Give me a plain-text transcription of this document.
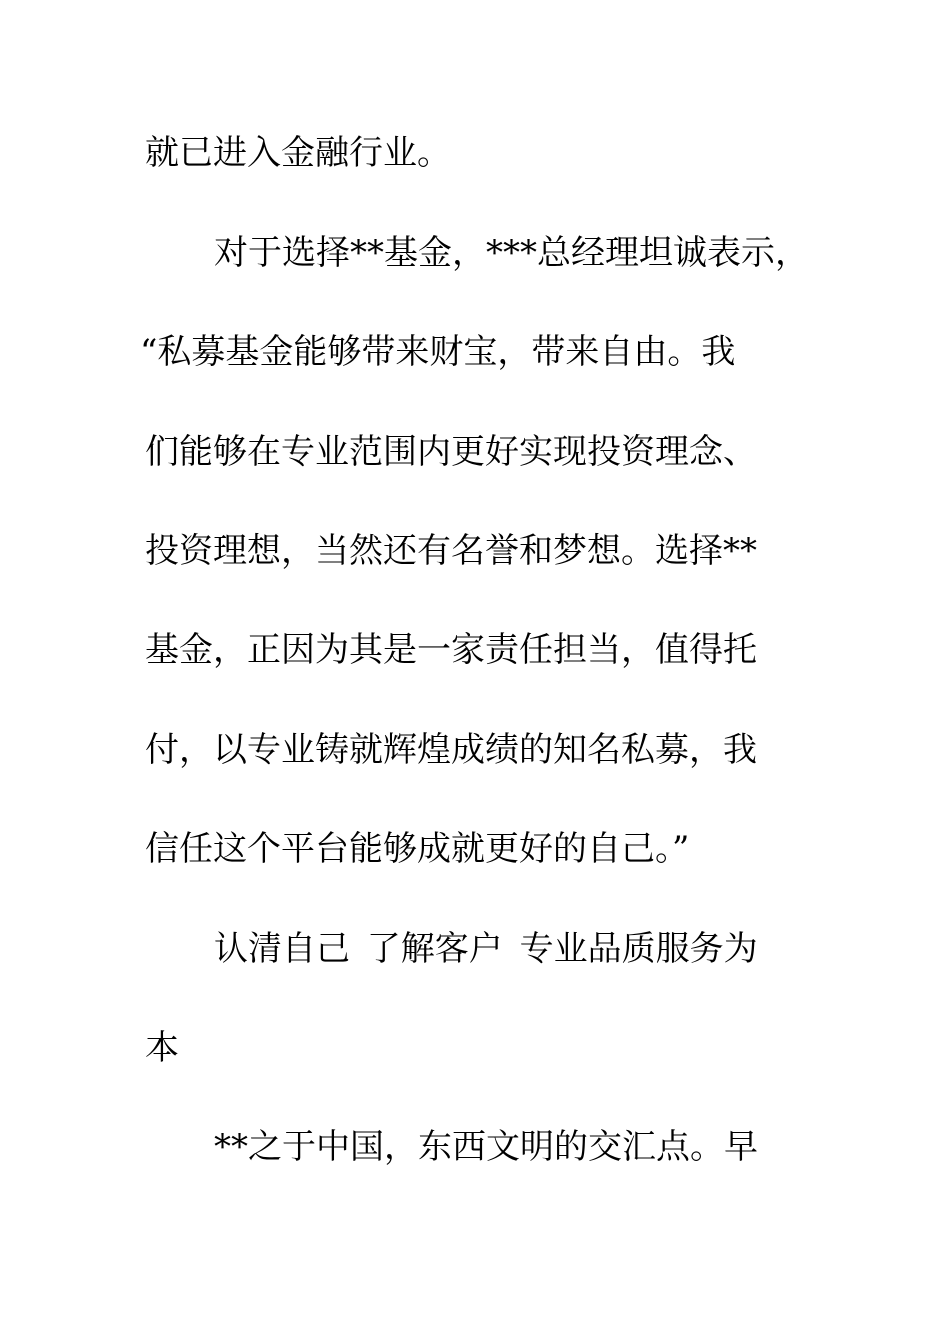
就已进入金融行业。
对于选择**基金，***总经理坦诚表示，
“私募基金能够带来财宝，带来自由。我
们能够在专业范围内更好实现投资理念、
投资理想，当然还有名誉和梦想。选择**
基金，正因为其是一家责任担当，值得托
付，以专业铸就辉煌成绩的知名私募，我
信任这个平台能够成就更好的自己。”
认清自己 了解客户 专业品质服务为
本
**之于中国，东西文明的交汇点。早
